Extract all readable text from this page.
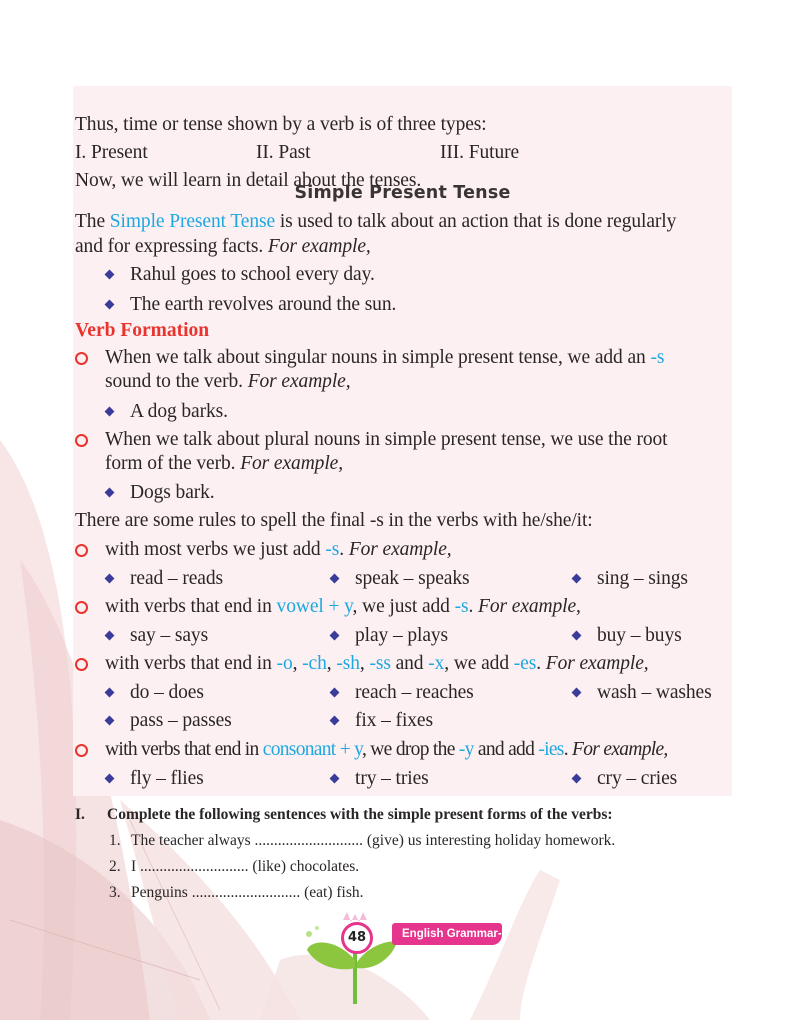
Thus, time or tense shown by a verb is of three types:
I. Present	II. Past	III. Future
Now, we will learn in detail about the tenses.
Simple Present Tense
The Simple Present Tense is used to talk about an action that is done regularly
and for expressing facts. For example,
Rahul goes to school every day.
The earth revolves around the sun.
Verb Formation
When we talk about singular nouns in simple present tense, we add an -s
sound to the verb. For example,
A dog barks.
When we talk about plural nouns in simple present tense, we use the root
form of the verb. For example,
Dogs bark.
There are some rules to spell the final -s in the verbs with he/she/it:
with most verbs we just add -s. For example,
read – reads	speak – speaks	sing – sings
with verbs that end in vowel + y, we just add -s. For example,
say – says	play – plays	buy – buys
with verbs that end in -o, -ch, -sh, -ss and -x, we add -es. For example,
do – does	reach – reaches	wash – washes
pass – passes	fix – fixes
with verbs that end in consonant + y, we drop the -y and add -ies. For example,
fly – flies	try – tries	cry – cries
I. Complete the following sentences with the simple present forms of the verbs:
1. The teacher always ............................ (give) us interesting holiday homework.
2. I ............................ (like) chocolates.
3. Penguins ............................ (eat) fish.
48	English Grammar-3
